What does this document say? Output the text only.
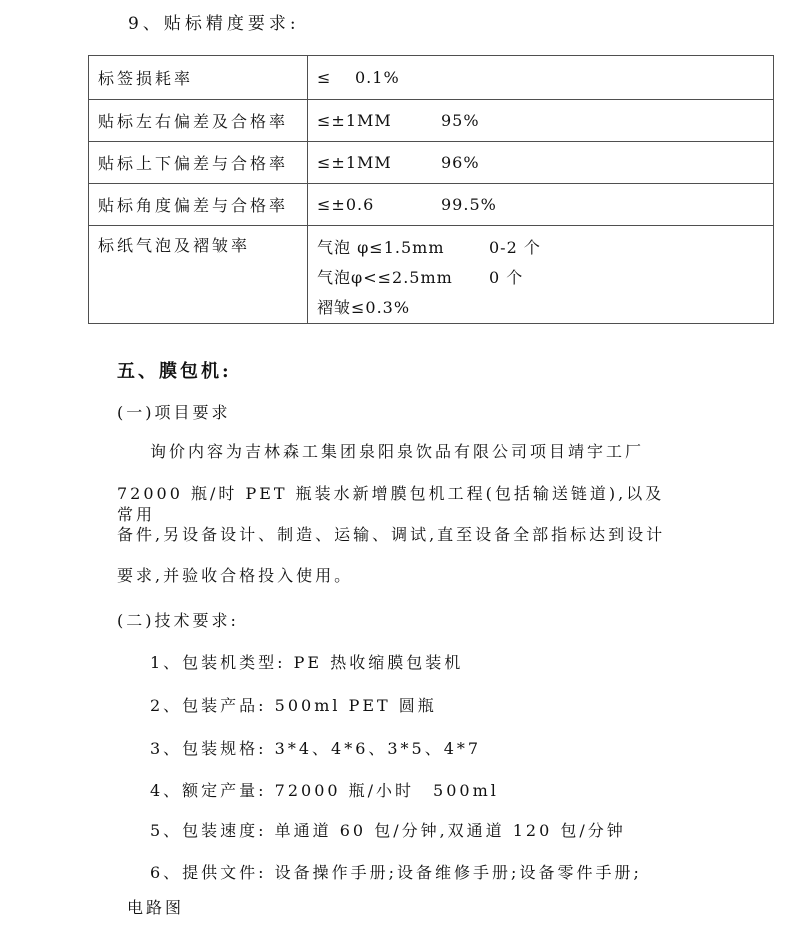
9、贴标精度要求:
标签损耗率	≤ 0.1%
贴标左右偏差及合格率	≤±1MM 95%
贴标上下偏差与合格率	≤±1MM 96%
贴标角度偏差与合格率	≤±0.6 99.5%
标纸气泡及褶皱率	气泡 φ≤1.5mm 0-2 个
气泡φ<≤2.5mm 0 个
褶皱≤0.3%
五、膜包机:
(一)项目要求
询价内容为吉林森工集团泉阳泉饮品有限公司项目靖宇工厂
72000 瓶/时 PET 瓶装水新增膜包机工程(包括输送链道),以及常用
备件,另设备设计、制造、运输、调试,直至设备全部指标达到设计
要求,并验收合格投入使用。
(二)技术要求:
1、包装机类型: PE 热收缩膜包装机
2、包装产品: 500ml PET 圆瓶
3、包装规格: 3*4、4*6、3*5、4*7
4、额定产量: 72000 瓶/小时　500ml
5、包装速度: 单通道 60 包/分钟,双通道 120 包/分钟
6、提供文件: 设备操作手册;设备维修手册;设备零件手册;
电路图
